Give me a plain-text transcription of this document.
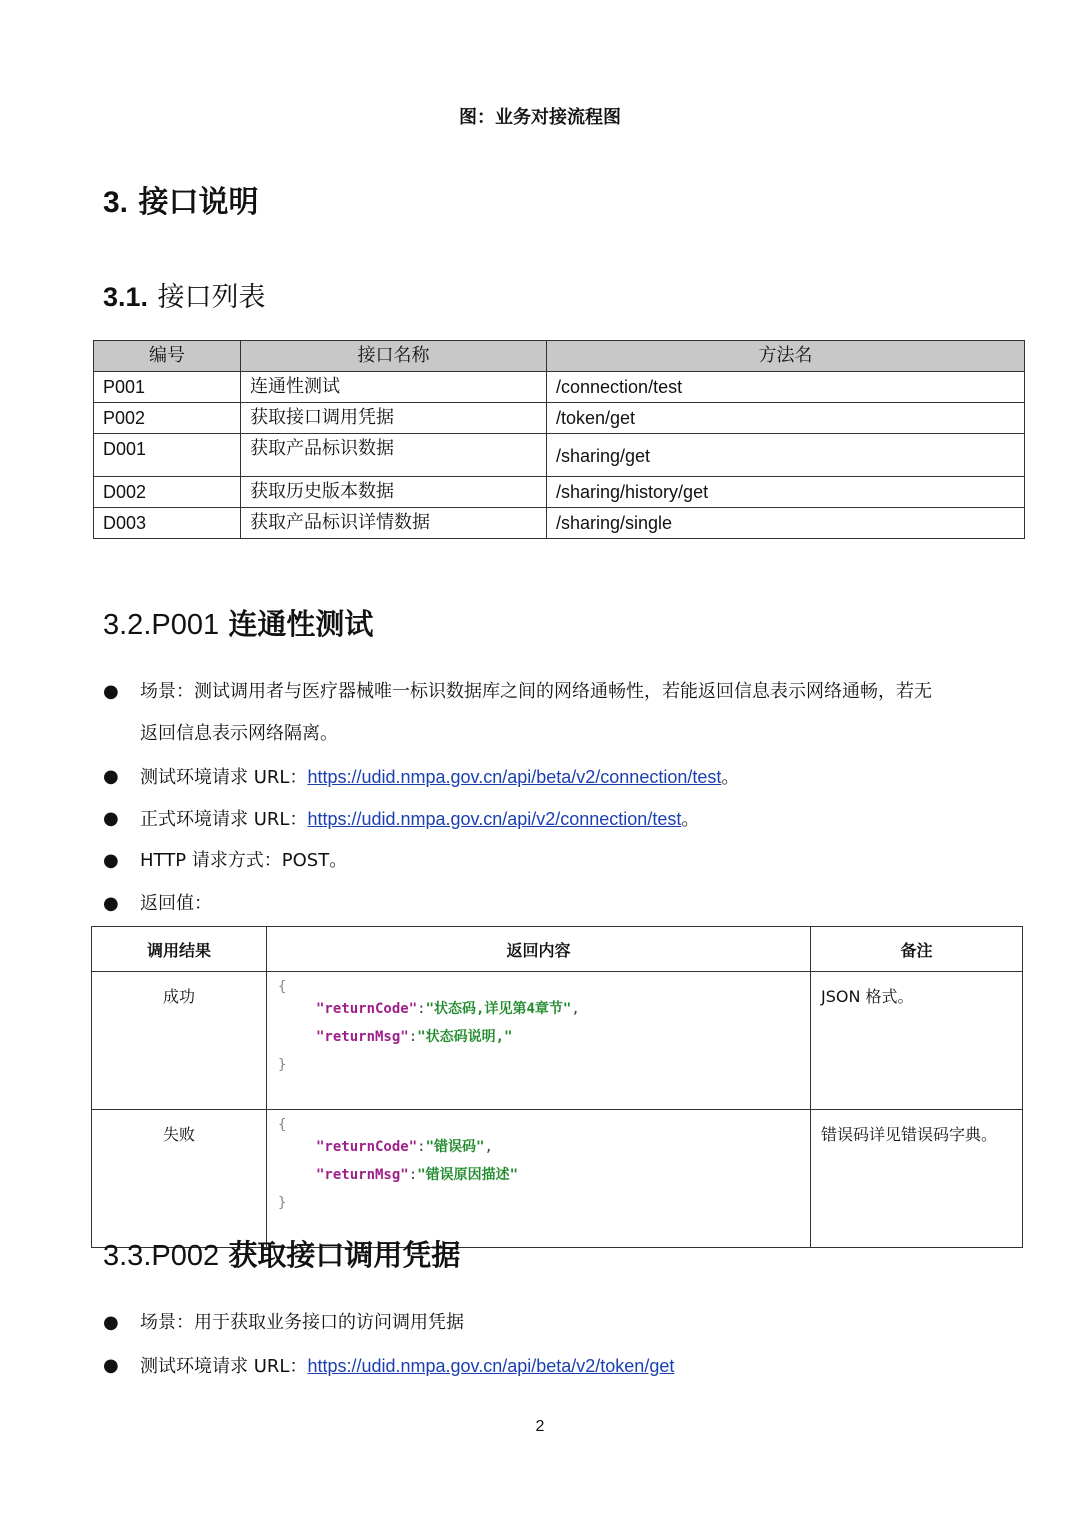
图：业务对接流程图
3. 接口说明
3.1. 接口列表
编号	接口名称	方法名
P001	连通性测试	/connection/test
P002	获取接口调用凭据	/token/get
D001	获取产品标识数据	/sharing/get
D002	获取历史版本数据	/sharing/history/get
D003	获取产品标识详情数据	/sharing/single
3.2.P001 连通性测试
● 场景：测试调用者与医疗器械唯一标识数据库之间的网络通畅性，若能返回信息表示网络通畅，若无
返回信息表示网络隔离。
● 测试环境请求 URL：https://udid.nmpa.gov.cn/api/beta/v2/connection/test。
● 正式环境请求 URL：https://udid.nmpa.gov.cn/api/v2/connection/test。
● HTTP 请求方式：POST。
● 返回值：
调用结果	返回内容	备注
成功	{
"returnCode":"状态码,详见第4章节",
"returnMsg":"状态码说明,"
}	JSON 格式。
失败	{
"returnCode":"错误码",
"returnMsg":"错误原因描述"
}	错误码详见错误码字典。
3.3.P002 获取接口调用凭据
● 场景：用于获取业务接口的访问调用凭据
● 测试环境请求 URL：https://udid.nmpa.gov.cn/api/beta/v2/token/get
2
